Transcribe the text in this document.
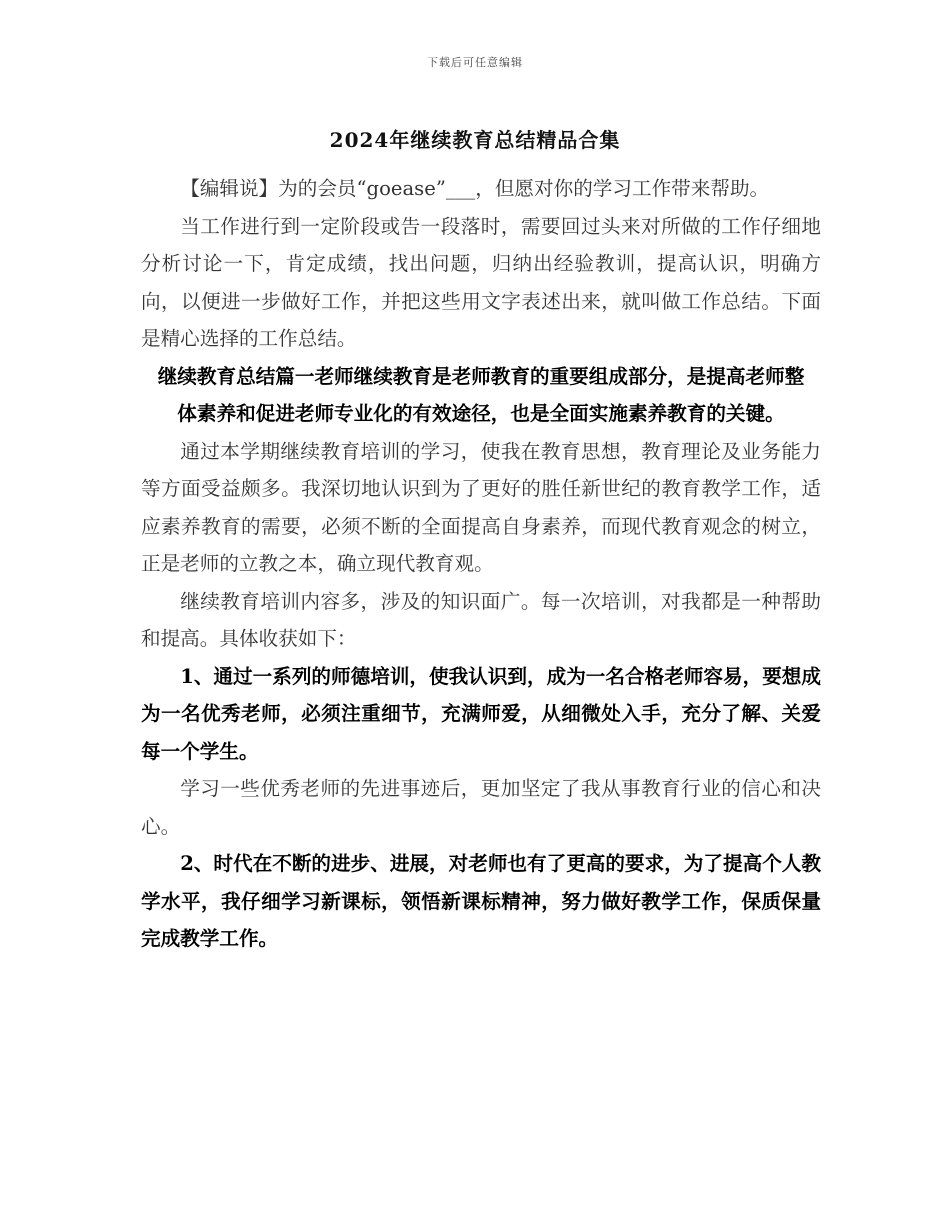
下载后可任意编辑
2024年继续教育总结精品合集

【编辑说】为的会员“goease”___，但愿对你的学习工作带来帮助。

当工作进行到一定阶段或告一段落时，需要回过头来对所做的工作仔细地分析讨论一下，肯定成绩，找出问题，归纳出经验教训，提高认识，明确方向，以便进一步做好工作，并把这些用文字表述出来，就叫做工作总结。下面是精心选择的工作总结。

继续教育总结篇一老师继续教育是老师教育的重要组成部分，是提高老师整体素养和促进老师专业化的有效途径，也是全面实施素养教育的关键。

通过本学期继续教育培训的学习，使我在教育思想，教育理论及业务能力等方面受益颇多。我深切地认识到为了更好的胜任新世纪的教育教学工作，适应素养教育的需要，必须不断的全面提高自身素养，而现代教育观念的树立，正是老师的立教之本，确立现代教育观。

继续教育培训内容多，涉及的知识面广。每一次培训，对我都是一种帮助和提高。具体收获如下：

1、通过一系列的师德培训，使我认识到，成为一名合格老师容易，要想成为一名优秀老师，必须注重细节，充满师爱，从细微处入手，充分了解、关爱每一个学生。

学习一些优秀老师的先进事迹后，更加坚定了我从事教育行业的信心和决心。

2、时代在不断的进步、进展，对老师也有了更高的要求，为了提高个人教学水平，我仔细学习新课标，领悟新课标精神，努力做好教学工作，保质保量完成教学工作。
